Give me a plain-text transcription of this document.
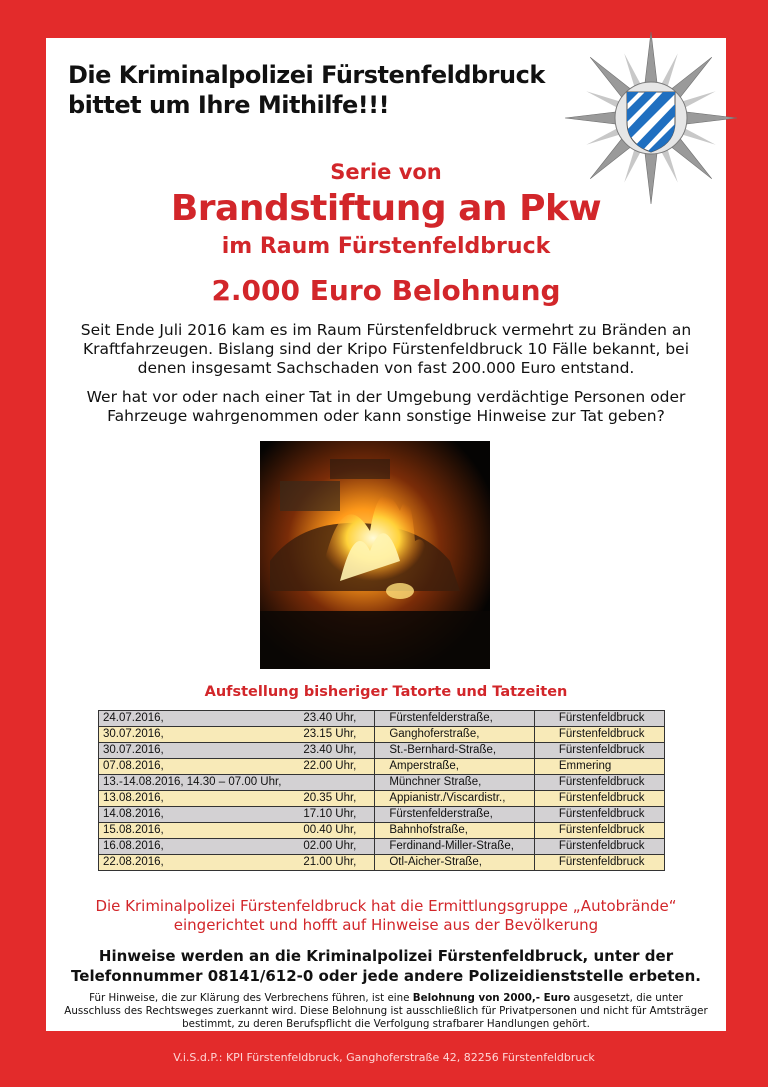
Die Kriminalpolizei Fürstenfeldbruck
bittet um Ihre Mithilfe!!!
Serie von
Brandstiftung an Pkw
im Raum Fürstenfeldbruck
2.000 Euro Belohnung
Seit Ende Juli 2016 kam es im Raum Fürstenfeldbruck vermehrt zu Bränden an Kraftfahrzeugen. Bislang sind der Kripo Fürstenfeldbruck 10 Fälle bekannt, bei denen insgesamt Sachschaden von fast 200.000 Euro entstand.
Wer hat vor oder nach einer Tat in der Umgebung verdächtige Personen oder Fahrzeuge wahrgenommen oder kann sonstige Hinweise zur Tat geben?
Aufstellung bisheriger Tatorte und Tatzeiten
24.07.2016,	23.40 Uhr,	Fürstenfelderstraße,	Fürstenfeldbruck
30.07.2016,	23.15 Uhr,	Ganghoferstraße,	Fürstenfeldbruck
30.07.2016,	23.40 Uhr,	St.-Bernhard-Straße,	Fürstenfeldbruck
07.08.2016,	22.00 Uhr,	Amperstraße,	Emmering
13.-14.08.2016, 14.30 – 07.00 Uhr,		Münchner Straße,	Fürstenfeldbruck
13.08.2016,	20.35 Uhr,	Appianistr./Viscardistr.,	Fürstenfeldbruck
14.08.2016,	17.10 Uhr,	Fürstenfelderstraße,	Fürstenfeldbruck
15.08.2016,	00.40 Uhr,	Bahnhofstraße,	Fürstenfeldbruck
16.08.2016,	02.00 Uhr,	Ferdinand-Miller-Straße,	Fürstenfeldbruck
22.08.2016,	21.00 Uhr,	Otl-Aicher-Straße,	Fürstenfeldbruck
Die Kriminalpolizei Fürstenfeldbruck hat die Ermittlungsgruppe „Autobrände“
eingerichtet und hofft auf Hinweise aus der Bevölkerung
Hinweise werden an die Kriminalpolizei Fürstenfeldbruck, unter der
Telefonnummer 08141/612-0 oder jede andere Polizeidienststelle erbeten.
Für Hinweise, die zur Klärung des Verbrechens führen, ist eine Belohnung von 2000,- Euro ausgesetzt, die unter Ausschluss des Rechtsweges zuerkannt wird. Diese Belohnung ist ausschließlich für Privatpersonen und nicht für Amtsträger bestimmt, zu deren Berufspflicht die Verfolgung strafbarer Handlungen gehört.
V.i.S.d.P.: KPI Fürstenfeldbruck, Ganghoferstraße 42, 82256 Fürstenfeldbruck
